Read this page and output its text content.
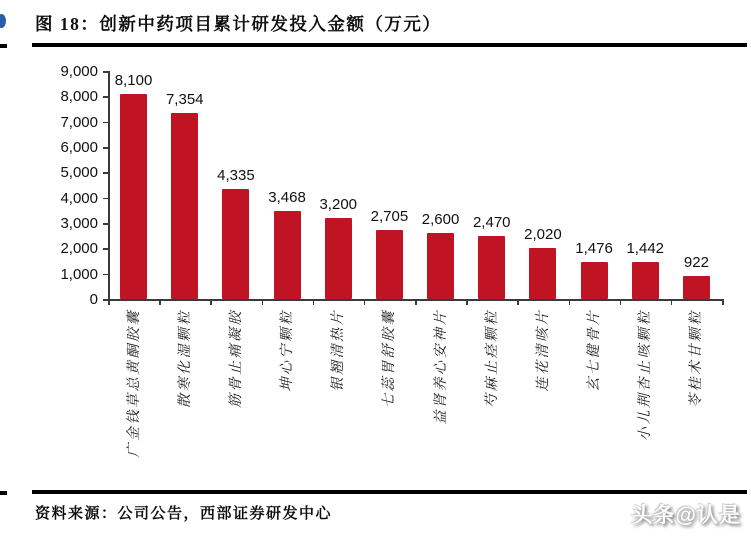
图 18：创新中药项目累计研发投入金额（万元）
0
1,000
2,000
3,000
4,000
5,000
6,000
7,000
8,000
9,000
8,100
广金钱草总黄酮胶囊
7,354
散寒化湿颗粒
4,335
筋骨止痛凝胶
3,468
坤心宁颗粒
3,200
银翘清热片
2,705
七蕊胃舒胶囊
2,600
益肾养心安神片
2,470
芍麻止痉颗粒
2,020
连花清咳片
1,476
玄七健骨片
1,442
小儿荆杏止咳颗粒
922
苓桂术甘颗粒
资料来源：公司公告，西部证券研发中心	头条@认是
